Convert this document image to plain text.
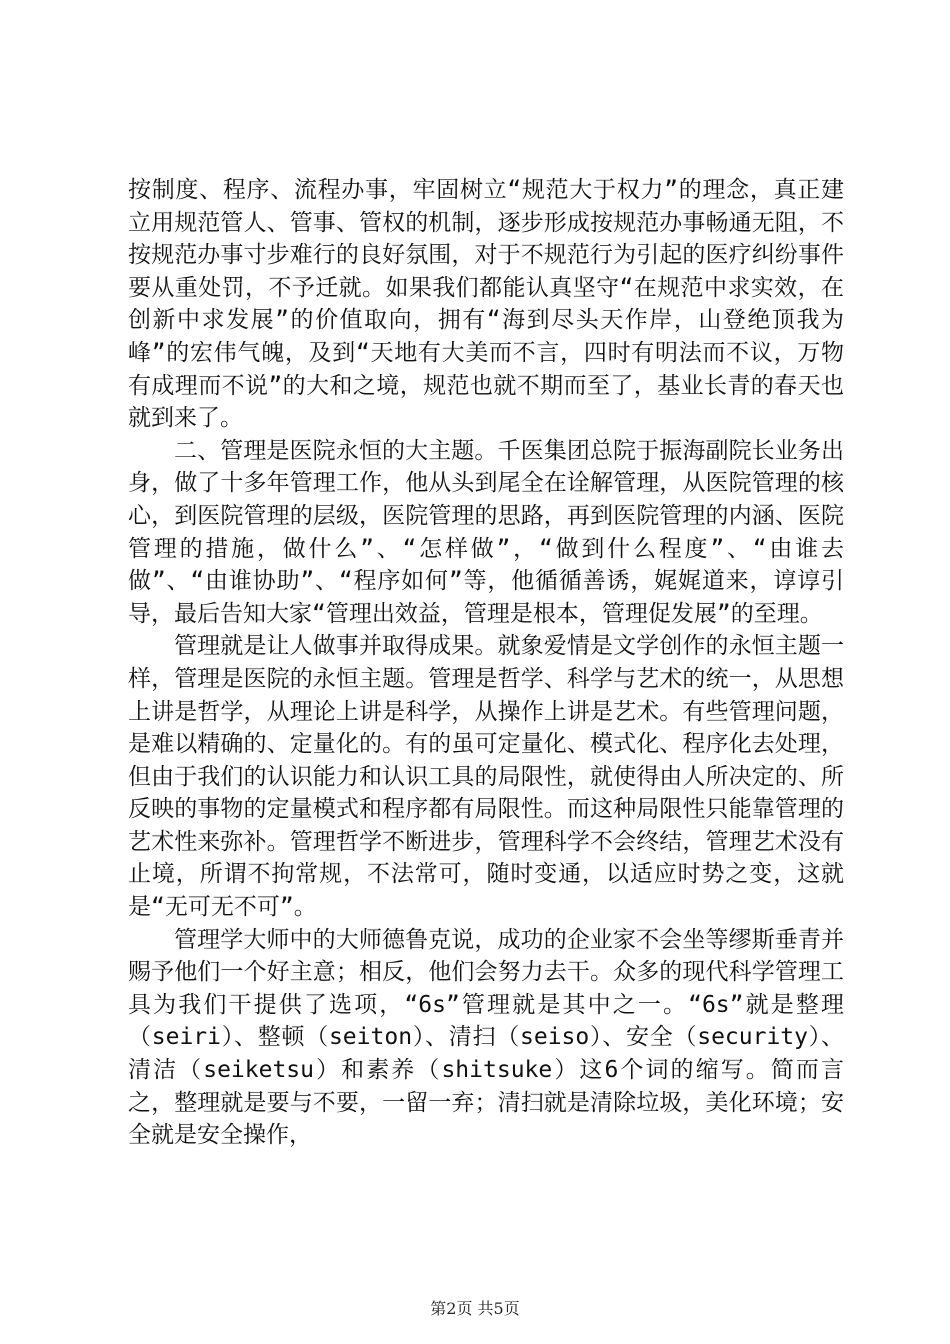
按制度、程序、流程办事，牢固树立“规范大于权力”的理念，真正建立用规范管人、管事、管权的机制，逐步形成按规范办事畅通无阻，不按规范办事寸步难行的良好氛围，对于不规范行为引起的医疗纠纷事件要从重处罚，不予迁就。如果我们都能认真坚守“在规范中求实效，在创新中求发展”的价值取向，拥有“海到尽头天作岸，山登绝顶我为峰”的宏伟气魄，及到“天地有大美而不言，四时有明法而不议，万物有成理而不说”的大和之境，规范也就不期而至了，基业长青的春天也就到来了。

二、管理是医院永恒的大主题。千医集团总院于振海副院长业务出身，做了十多年管理工作，他从头到尾全在诠解管理，从医院管理的核心，到医院管理的层级，医院管理的思路，再到医院管理的内涵、医院管理的措施，做什么”、“怎样做”，“做到什么程度”、“由谁去做”、“由谁协助”、“程序如何”等，他循循善诱，娓娓道来，谆谆引导，最后告知大家“管理出效益，管理是根本，管理促发展”的至理。

管理就是让人做事并取得成果。就象爱情是文学创作的永恒主题一样，管理是医院的永恒主题。管理是哲学、科学与艺术的统一，从思想上讲是哲学，从理论上讲是科学，从操作上讲是艺术。有些管理问题，是难以精确的、定量化的。有的虽可定量化、模式化、程序化去处理，但由于我们的认识能力和认识工具的局限性，就使得由人所决定的、所反映的事物的定量模式和程序都有局限性。而这种局限性只能靠管理的艺术性来弥补。管理哲学不断进步，管理科学不会终结，管理艺术没有止境，所谓不拘常规，不法常可，随时变通，以适应时势之变，这就是“无可无不可”。

管理学大师中的大师德鲁克说，成功的企业家不会坐等缪斯垂青并赐予他们一个好主意；相反，他们会努力去干。众多的现代科学管理工具为我们干提供了选项，“6s”管理就是其中之一。“6s”就是整理（seiri）、整顿（seiton）、清扫（seiso）、安全（security）、清洁（seiketsu）和素养（shitsuke）这6个词的缩写。简而言之，整理就是要与不要，一留一弃；清扫就是清除垃圾，美化环境；安全就是安全操作，

第2页 共5页
